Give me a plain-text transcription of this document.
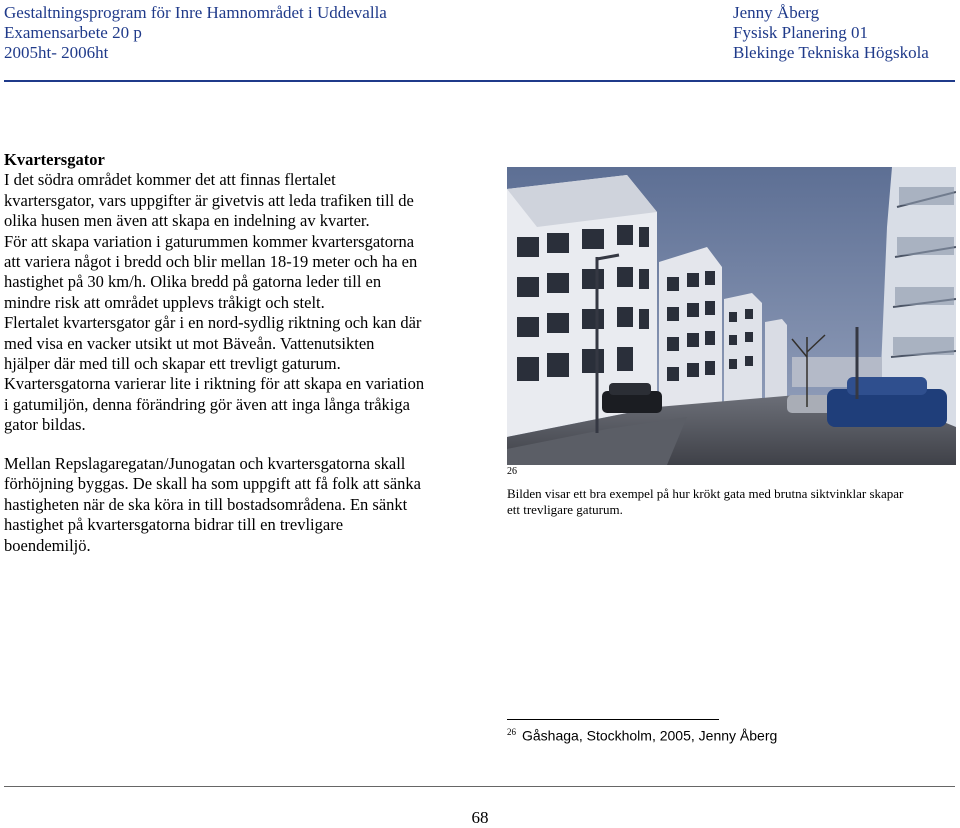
Gestaltningsprogram för Inre Hamnområdet i Uddevalla
Examensarbete 20 p
2005ht- 2006ht
Jenny Åberg
Fysisk Planering 01
Blekinge Tekniska Högskola
Kvartersgator
I det södra området kommer det att finnas flertalet
kvartersgator, vars uppgifter är givetvis att leda trafiken till de
olika husen men även att skapa en indelning av kvarter.
För att skapa variation i gaturummen kommer kvartersgatorna
att variera något i bredd och blir mellan 18-19 meter och ha en
hastighet på 30 km/h. Olika bredd på gatorna leder till en
mindre risk att området upplevs tråkigt och stelt.
Flertalet kvartersgator går i en nord-sydlig riktning och kan där
med visa en vacker utsikt ut mot Bäveån. Vattenutsikten
hjälper där med till och skapar ett trevligt gaturum.
Kvartersgatorna varierar lite i riktning för att skapa en variation
i gatumiljön, denna förändring gör även att inga långa tråkiga
gator bildas.
Mellan Repslagaregatan/Junogatan och kvartersgatorna skall
förhöjning byggas. De skall ha som uppgift att få folk att sänka
hastigheten när de ska köra in till bostadsområdena. En sänkt
hastighet på kvartersgatorna bidrar till en trevligare
boendemiljö.
26
Bilden visar ett bra exempel på hur krökt gata med brutna siktvinklar skapar
ett trevligare gaturum.
$^{26}$ Gåshaga, Stockholm, 2005, Jenny Åberg
68
